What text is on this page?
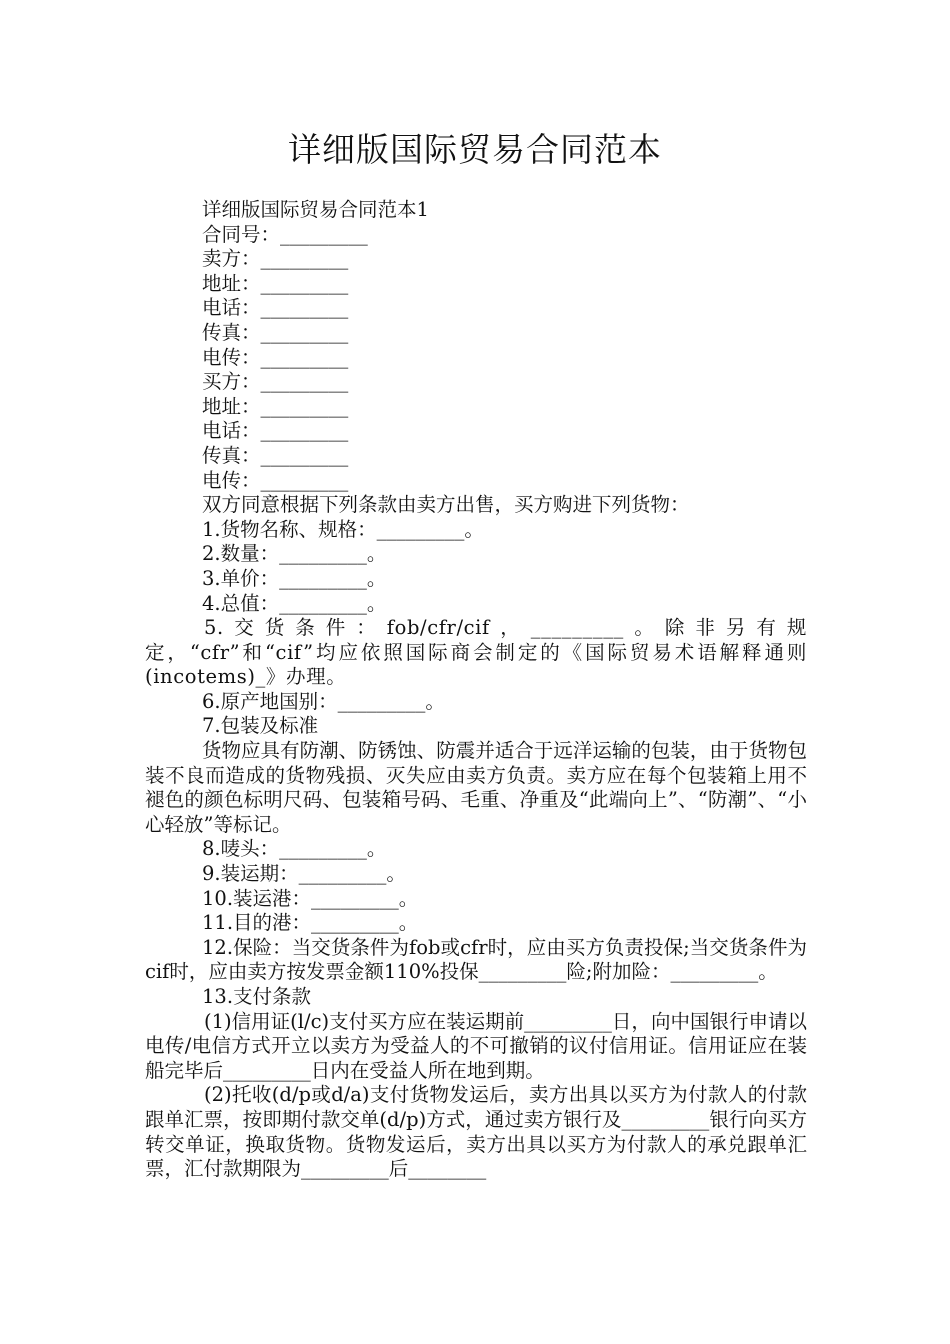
详细版国际贸易合同范本
详细版国际贸易合同范本1
合同号：_________
卖方：_________
地址：_________
电话：_________
传真：_________
电传：_________
买方：_________
地址：_________
电话：_________
传真：_________
电传：_________
双方同意根据下列条款由卖方出售，买方购进下列货物：
1.货物名称、规格：_________。
2.数量：_________。
3.单价：_________。
4.总值：_________。
5.交货条件：fob/cfr/cif，_________。除非另有规定，“cfr”和“cif”均应依照国际商会制定的《国际贸易术语解释通则(incotems)_》办理。
6.原产地国别：_________。
7.包装及标准
货物应具有防潮、防锈蚀、防震并适合于远洋运输的包装，由于货物包装不良而造成的货物残损、灭失应由卖方负责。卖方应在每个包装箱上用不褪色的颜色标明尺码、包装箱号码、毛重、净重及“此端向上”、“防潮”、“小心轻放”等标记。
8.唛头：_________。
9.装运期：_________。
10.装运港：_________。
11.目的港：_________。
12.保险：当交货条件为fob或cfr时，应由买方负责投保;当交货条件为cif时，应由卖方按发票金额110%投保_________险;附加险：_________。
13.支付条款
(1)信用证(l/c)支付买方应在装运期前_________日，向中国银行申请以电传/电信方式开立以卖方为受益人的不可撤销的议付信用证。信用证应在装船完毕后_________日内在受益人所在地到期。
(2)托收(d/p或d/a)支付货物发运后，卖方出具以买方为付款人的付款跟单汇票，按即期付款交单(d/p)方式，通过卖方银行及_________银行向买方转交单证，换取货物。货物发运后，卖方出具以买方为付款人的承兑跟单汇票，汇付款期限为_________后________
